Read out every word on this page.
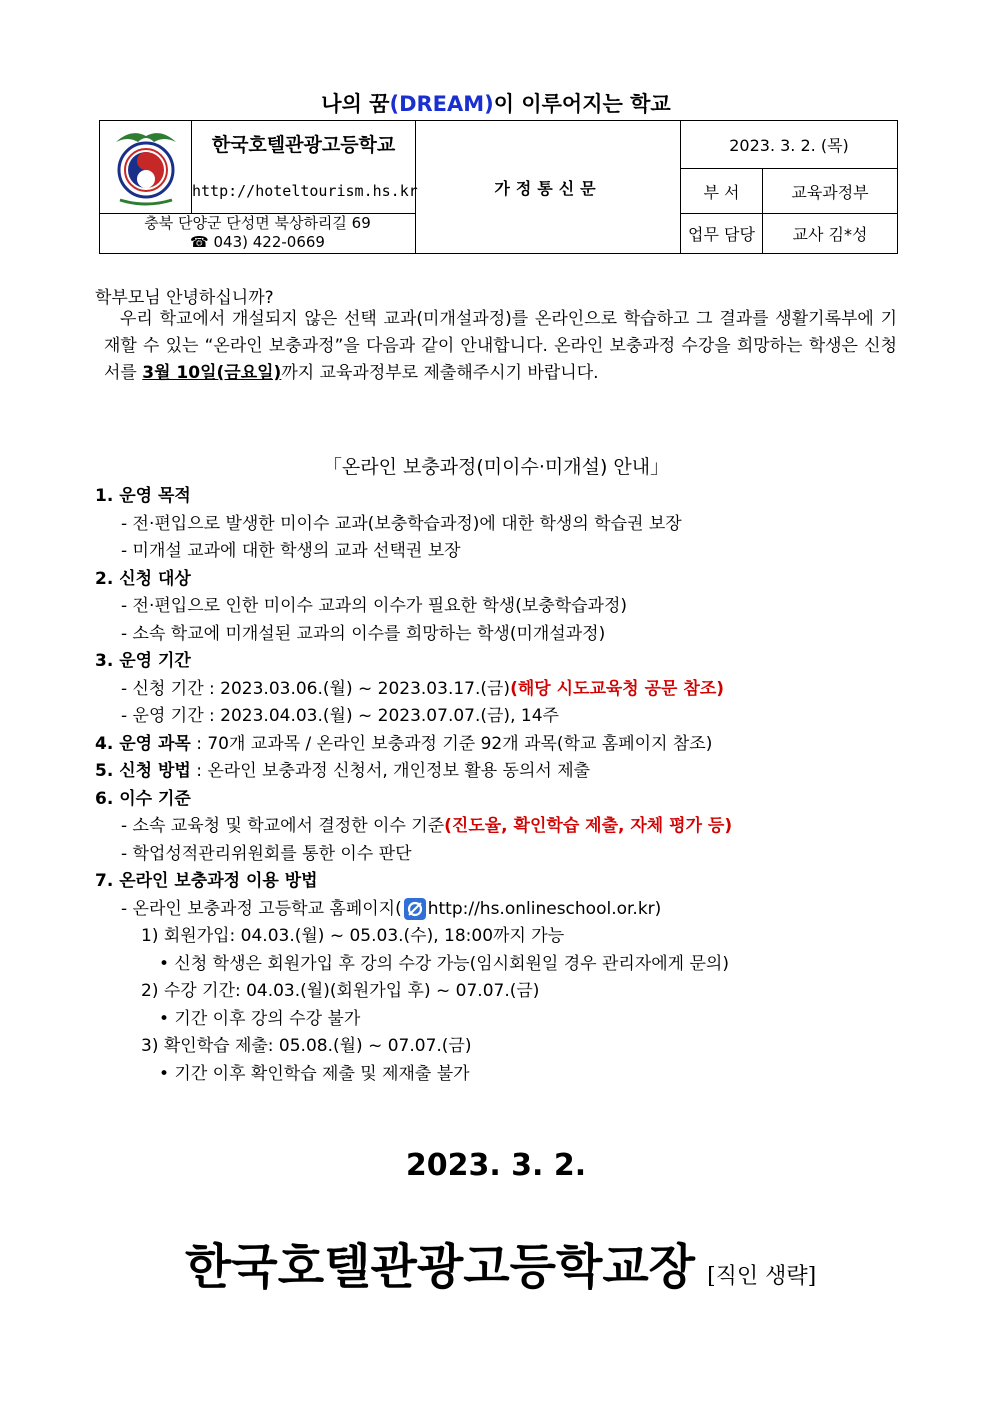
나의 꿈(DREAM)이 이루어지는 학교

한국호텔관광고등학교	가정통신문	2023. 3. 2. (목)	

	http://hoteltourism.hs.kr		부 서	교육과정부

충북 단양군 단성면 북상하리길 69
☎ 043) 422-0669			업무 담당	교사 김*성
학부모님 안녕하십니까?
우리 학교에서 개설되지 않은 선택 교과(미개설과정)를 온라인으로 학습하고 그 결과를 생활기록부에 기재할 수 있는 “온라인 보충과정”을 다음과 같이 안내합니다. 온라인 보충과정 수강을 희망하는 학생은 신청서를 3월 10일(금요일)까지 교육과정부로 제출해주시기 바랍니다.
「온라인 보충과정(미이수·미개설) 안내」
1. 운영 목적
- 전·편입으로 발생한 미이수 교과(보충학습과정)에 대한 학생의 학습권 보장
- 미개설 교과에 대한 학생의 교과 선택권 보장
2. 신청 대상
- 전·편입으로 인한 미이수 교과의 이수가 필요한 학생(보충학습과정)
- 소속 학교에 미개설된 교과의 이수를 희망하는 학생(미개설과정)
3. 운영 기간
- 신청 기간 : 2023.03.06.(월) ~ 2023.03.17.(금)(해당 시도교육청 공문 참조)
- 운영 기간 : 2023.04.03.(월) ~ 2023.07.07.(금), 14주
4. 운영 과목 : 70개 교과목 / 온라인 보충과정 기준 92개 과목(학교 홈페이지 참조)
5. 신청 방법 : 온라인 보충과정 신청서, 개인정보 활용 동의서 제출
6. 이수 기준
- 소속 교육청 및 학교에서 결정한 이수 기준(진도율, 확인학습 제출, 자체 평가 등)
- 학업성적관리위원회를 통한 이수 판단
7. 온라인 보충과정 이용 방법
- 온라인 보충과정 고등학교 홈페이지( http://hs.onlineschool.or.kr)
1) 회원가입: 04.03.(월) ~ 05.03.(수), 18:00까지 가능
• 신청 학생은 회원가입 후 강의 수강 가능(임시회원일 경우 관리자에게 문의)
2) 수강 기간: 04.03.(월)(회원가입 후) ~ 07.07.(금)
• 기간 이후 강의 수강 불가
3) 확인학습 제출: 05.08.(월) ~ 07.07.(금)
• 기간 이후 확인학습 제출 및 제재출 불가
2023. 3. 2.
한국호텔관광고등학교장 [직인 생략]
